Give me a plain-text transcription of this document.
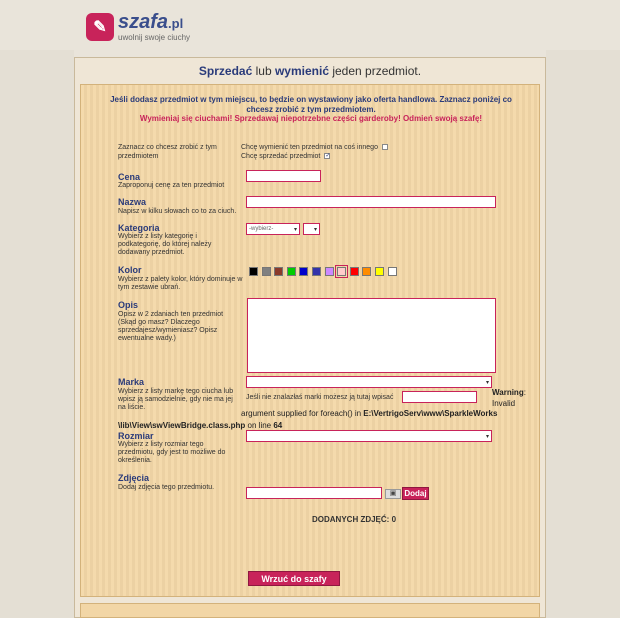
✎ szafa.pl
uwolnij swoje ciuchy
Sprzedać lub wymienić jeden przedmiot.
Jeśli dodasz przedmiot w tym miejscu, to będzie on wystawiony jako oferta handlowa. Zaznacz poniżej co chcesz zrobić z tym przedmiotem.
Wymieniaj się ciuchami! Sprzedawaj niepotrzebne części garderoby! Odmień swoją szafę!
Zaznacz co chcesz zrobić z tym przedmiotem
Chcę wymienić ten przedmiot na coś innego
Chcę sprzedać przedmiot ✓
Cena
Zaproponuj cenę za ten przedmiot
Nazwa
Napisz w kilku słowach co to za ciuch.
Kategoria
Wybierz z listy kategorię i podkategorię, do której należy dodawany przedmiot.
-wybierz-	▾	▾
Kolor
Wybierz z palety kolor, który dominuje w tym zestawie ubrań.
Opis
Opisz w 2 zdaniach ten przedmiot (Skąd go masz? Dlaczego sprzedajesz/wymieniasz? Opisz ewentualne wady.)
Marka
Wybierz z listy markę tego ciucha lub wpisz ją samodzielnie, gdy nie ma jej na liście.
▾
Jeśli nie znalazłaś marki możesz ją tutaj wpisać
Warning:
Invalid
argument supplied for foreach() in E:\VertrigoServ\www\SparkleWorks
\lib\View\swViewBridge.class.php on line 64
Rozmiar
Wybierz z listy rozmiar tego przedmiotu, gdy jest to możliwe do określenia.
▾
Zdjęcia
Dodaj zdjęcia tego przedmiotu.
▣	Dodaj
DODANYCH ZDJĘĆ: 0
Wrzuć do szafy
